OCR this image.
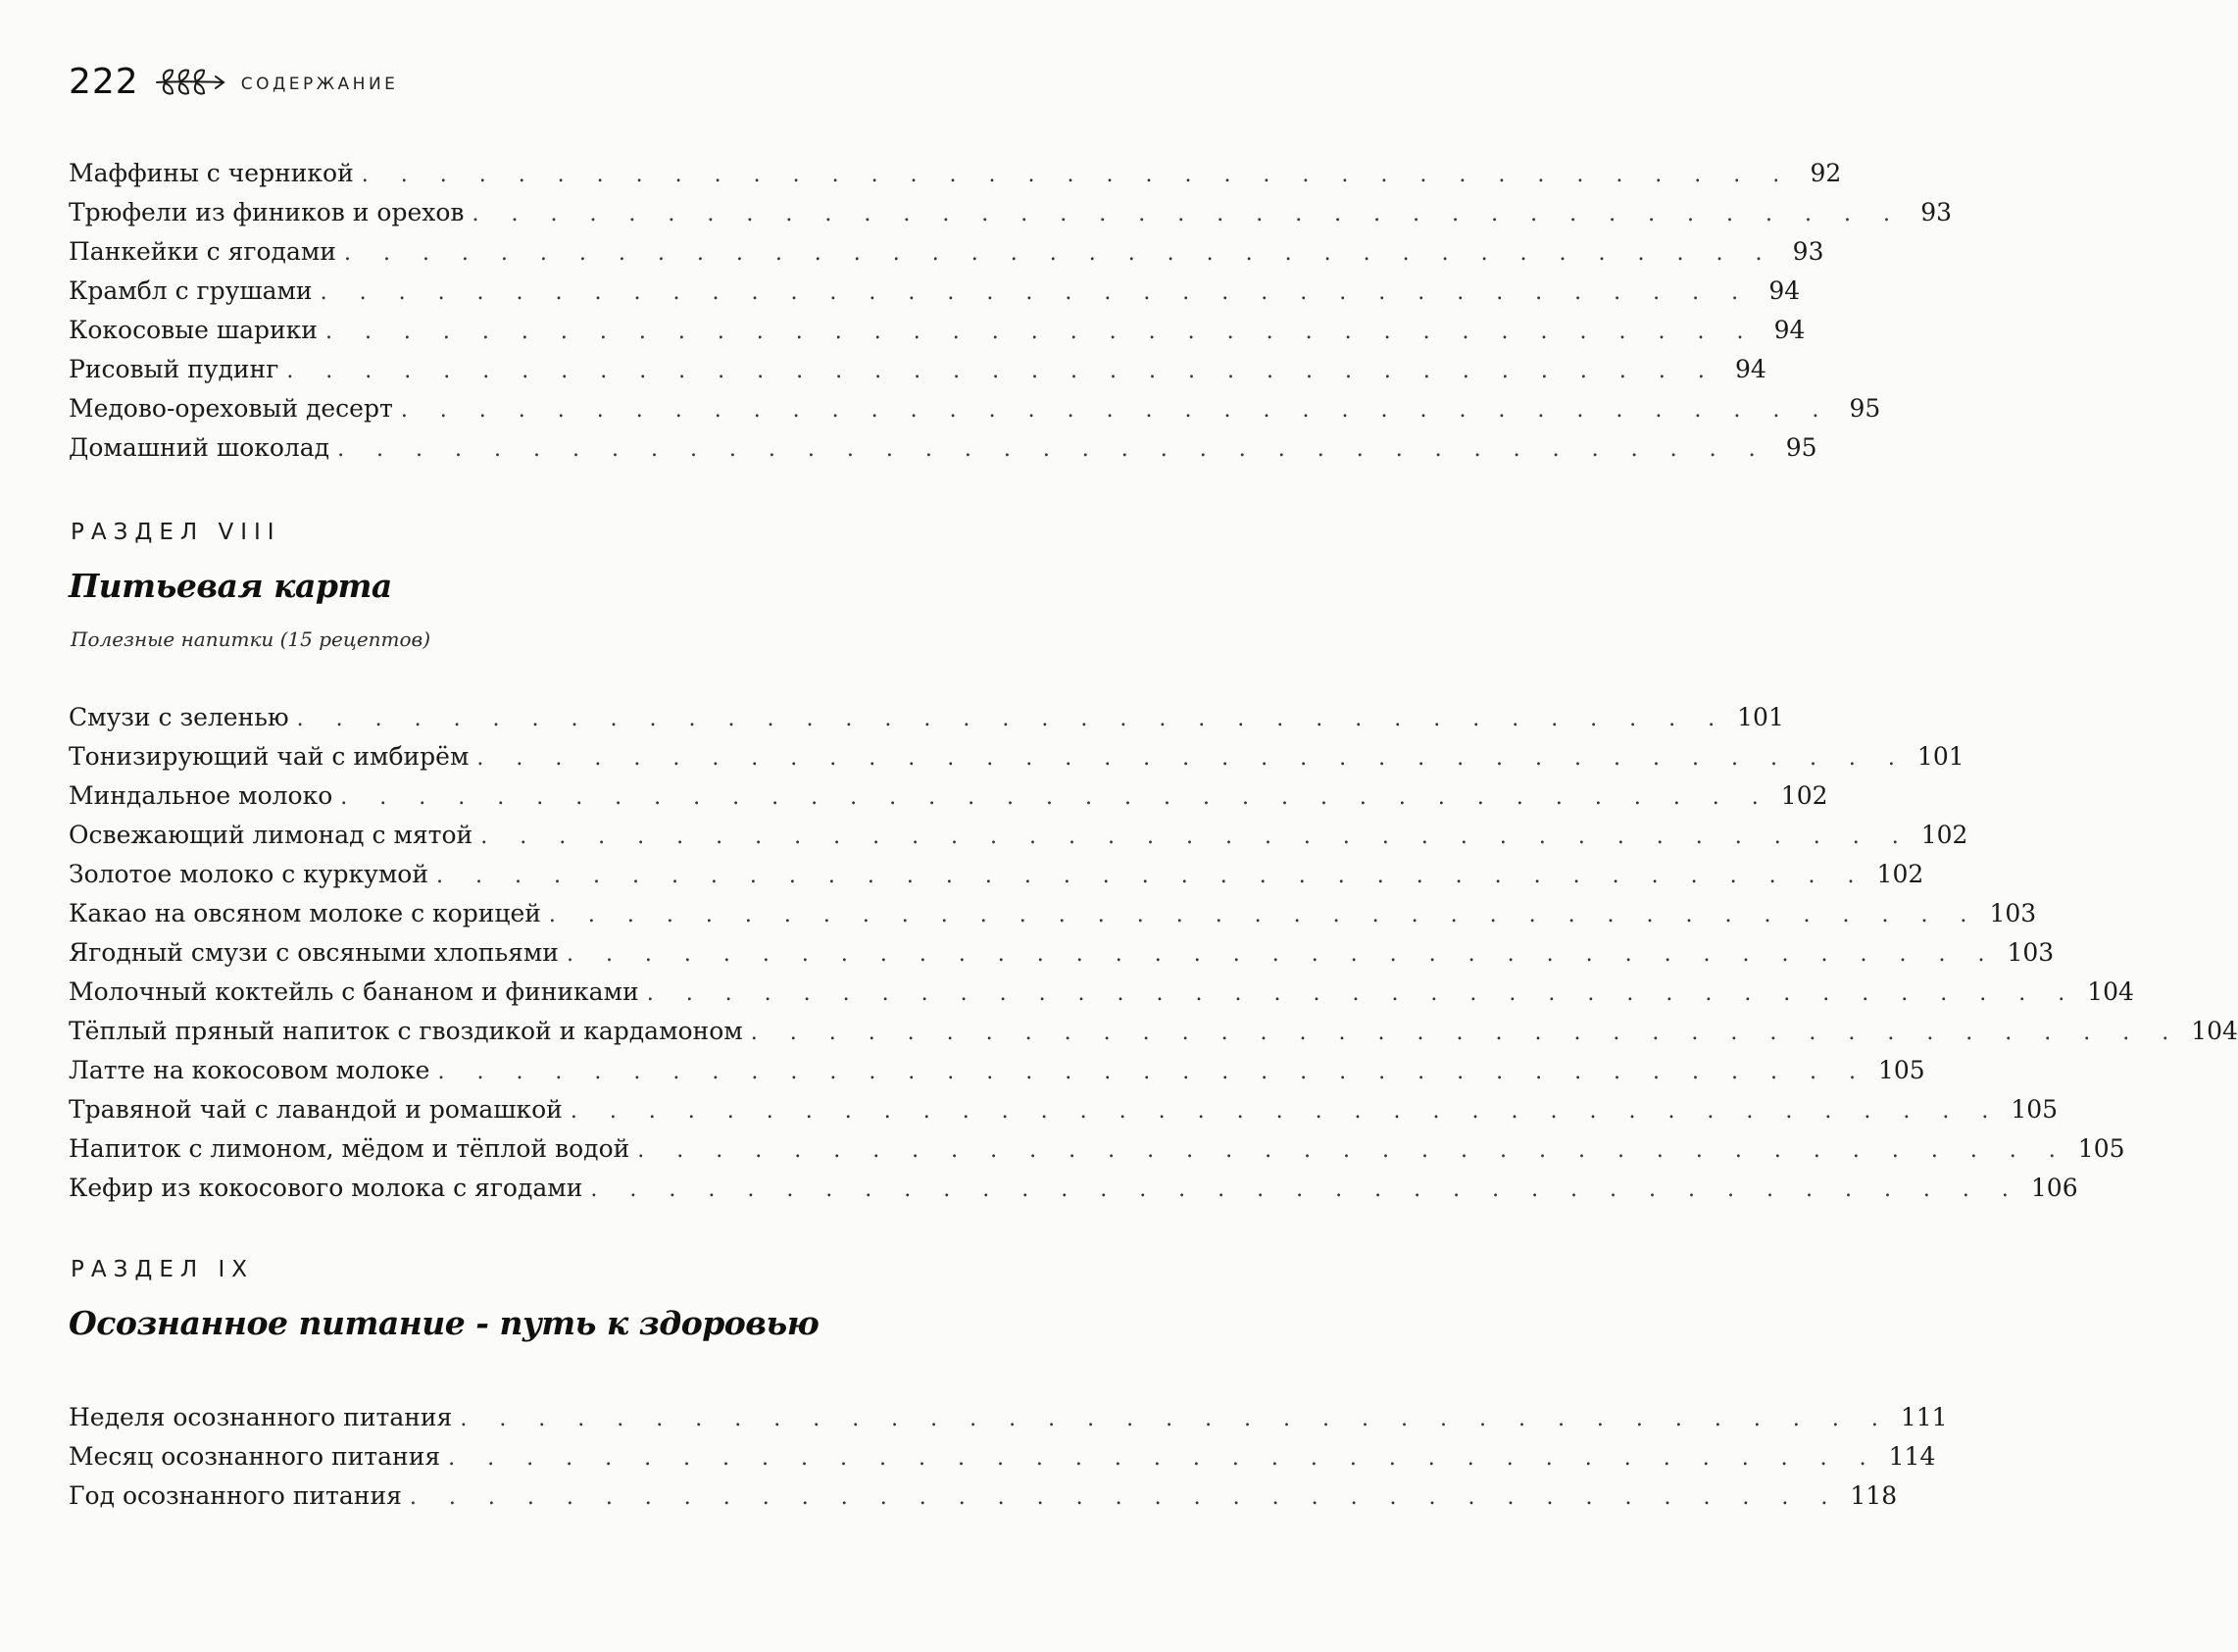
222	СОДЕРЖАНИЕ
Маффины с черникой . . . . . . . . . . . . . . . . . . . . . . . . . . . . . . . . . . . . . 92
Трюфели из фиников и орехов . . . . . . . . . . . . . . . . . . . . . . . . . . . . . . . . . . . . . 93
Панкейки с ягодами . . . . . . . . . . . . . . . . . . . . . . . . . . . . . . . . . . . . . 93
Крамбл с грушами . . . . . . . . . . . . . . . . . . . . . . . . . . . . . . . . . . . . . 94
Кокосовые шарики . . . . . . . . . . . . . . . . . . . . . . . . . . . . . . . . . . . . . 94
Рисовый пудинг . . . . . . . . . . . . . . . . . . . . . . . . . . . . . . . . . . . . . 94
Медово-ореховый десерт . . . . . . . . . . . . . . . . . . . . . . . . . . . . . . . . . . . . . 95
Домашний шоколад . . . . . . . . . . . . . . . . . . . . . . . . . . . . . . . . . . . . . 95
РАЗДЕЛ VIII
Питьевая карта
Полезные напитки (15 рецептов)
Смузи с зеленью . . . . . . . . . . . . . . . . . . . . . . . . . . . . . . . . . . . . . 101
Тонизирующий чай с имбирём . . . . . . . . . . . . . . . . . . . . . . . . . . . . . . . . . . . . . 101
Миндальное молоко . . . . . . . . . . . . . . . . . . . . . . . . . . . . . . . . . . . . . 102
Освежающий лимонад с мятой . . . . . . . . . . . . . . . . . . . . . . . . . . . . . . . . . . . . . 102
Золотое молоко с куркумой . . . . . . . . . . . . . . . . . . . . . . . . . . . . . . . . . . . . . 102
Какао на овсяном молоке с корицей . . . . . . . . . . . . . . . . . . . . . . . . . . . . . . . . . . . . . 103
Ягодный смузи с овсяными хлопьями . . . . . . . . . . . . . . . . . . . . . . . . . . . . . . . . . . . . . 103
Молочный коктейль с бананом и финиками . . . . . . . . . . . . . . . . . . . . . . . . . . . . . . . . . . . . . 104
Тёплый пряный напиток с гвоздикой и кардамоном . . . . . . . . . . . . . . . . . . . . . . . . . . . . . . . . . . . . . 104
Латте на кокосовом молоке . . . . . . . . . . . . . . . . . . . . . . . . . . . . . . . . . . . . . 105
Травяной чай с лавандой и ромашкой . . . . . . . . . . . . . . . . . . . . . . . . . . . . . . . . . . . . . 105
Напиток с лимоном, мёдом и тёплой водой . . . . . . . . . . . . . . . . . . . . . . . . . . . . . . . . . . . . . 105
Кефир из кокосового молока с ягодами . . . . . . . . . . . . . . . . . . . . . . . . . . . . . . . . . . . . . 106
РАЗДЕЛ IX
Осознанное питание - путь к здоровью
Неделя осознанного питания . . . . . . . . . . . . . . . . . . . . . . . . . . . . . . . . . . . . . 111
Месяц осознанного питания . . . . . . . . . . . . . . . . . . . . . . . . . . . . . . . . . . . . . 114
Год осознанного питания . . . . . . . . . . . . . . . . . . . . . . . . . . . . . . . . . . . . . 118
